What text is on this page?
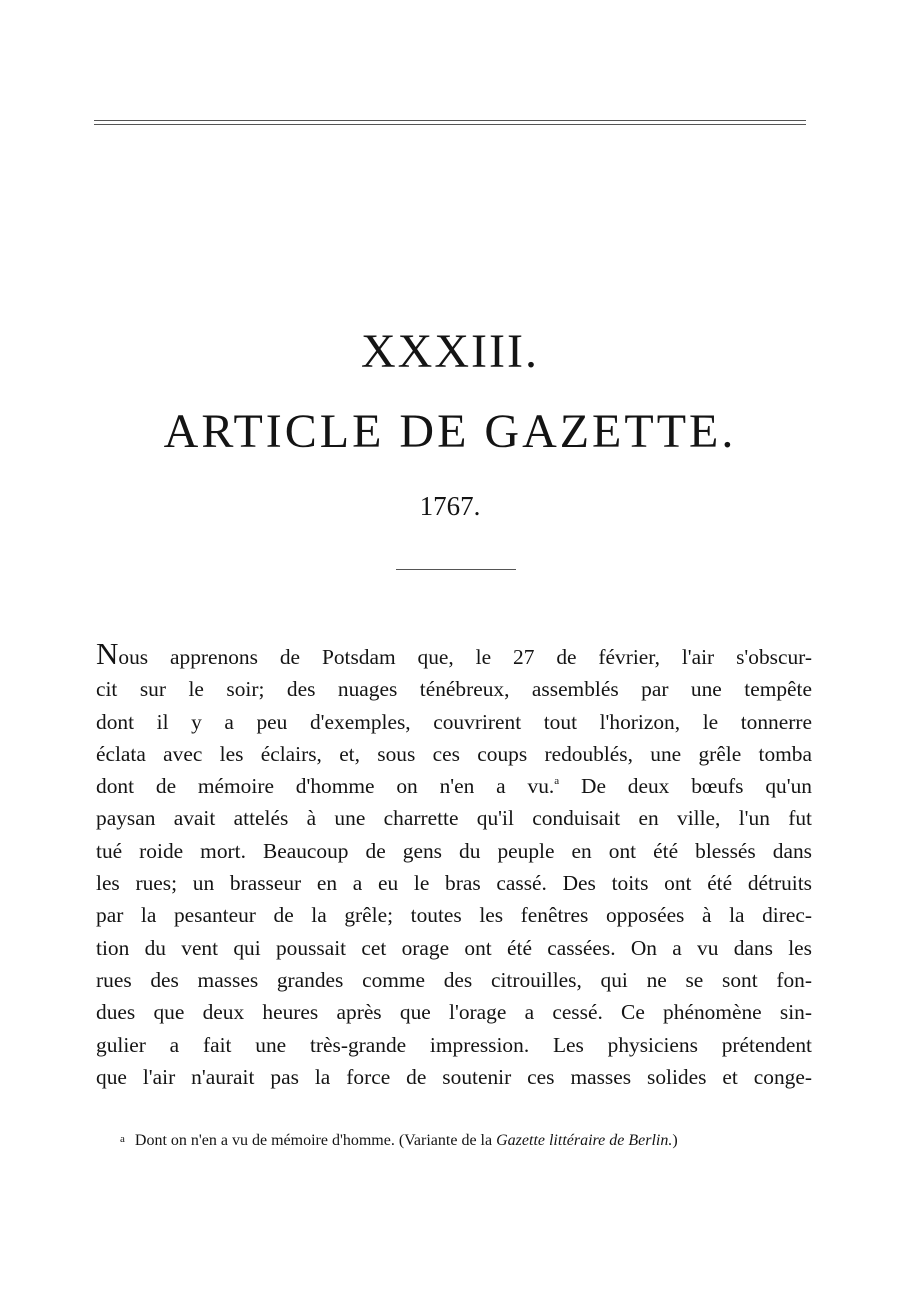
XXXIII.
ARTICLE DE GAZETTE.
1767.
Nous apprenons de Potsdam que, le 27 de février, l'air s'obscur-
cit sur le soir; des nuages ténébreux, assemblés par une tempête
dont il y a peu d'exemples, couvrirent tout l'horizon, le tonnerre
éclata avec les éclairs, et, sous ces coups redoublés, une grêle tomba
dont de mémoire d'homme on n'en a vu.$^a$ De deux bœufs qu'un
paysan avait attelés à une charrette qu'il conduisait en ville, l'un fut
tué roide mort. Beaucoup de gens du peuple en ont été blessés dans
les rues; un brasseur en a eu le bras cassé. Des toits ont été détruits
par la pesanteur de la grêle; toutes les fenêtres opposées à la direc-
tion du vent qui poussait cet orage ont été cassées. On a vu dans les
rues des masses grandes comme des citrouilles, qui ne se sont fon-
dues que deux heures après que l'orage a cessé. Ce phénomène sin-
gulier a fait une très-grande impression. Les physiciens prétendent
que l'air n'aurait pas la force de soutenir ces masses solides et conge-
a Dont on n'en a vu de mémoire d'homme. (Variante de la Gazette littéraire de Berlin.)
